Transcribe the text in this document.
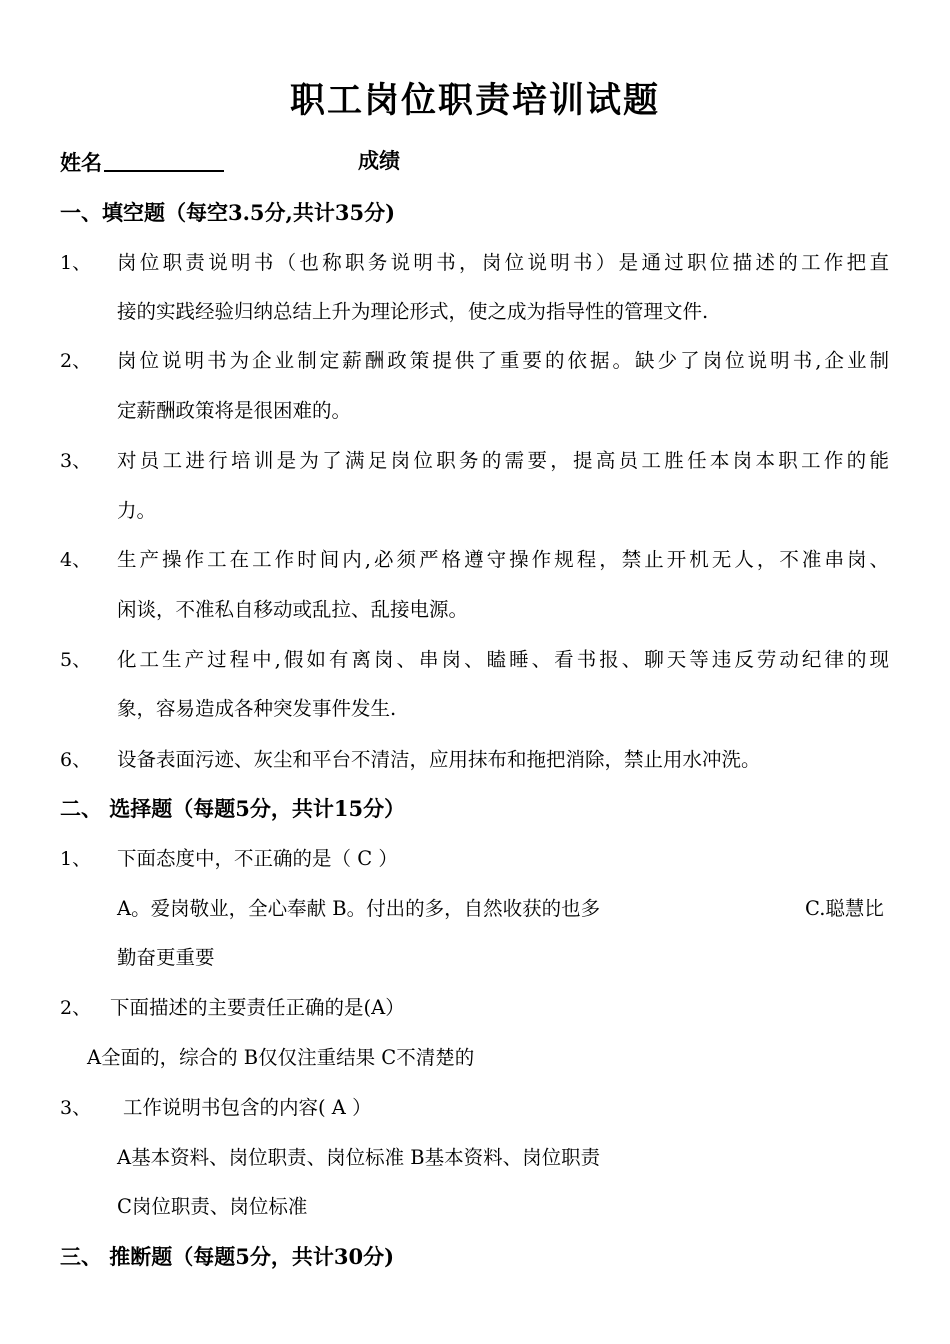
职工岗位职责培训试题
姓名	成绩
一、填空题（每空3.5分,共计35分)
1、 岗位职责说明书（也称职务说明书，岗位说明书）是通过职位描述的工作把直
接的实践经验归纳总结上升为理论形式，使之成为指导性的管理文件.
2、 岗位说明书为企业制定薪酬政策提供了重要的依据。缺少了岗位说明书,企业制
定薪酬政策将是很困难的。
3、 对员工进行培训是为了满足岗位职务的需要，提高员工胜任本岗本职工作的能
力。
4、 生产操作工在工作时间内,必须严格遵守操作规程，禁止开机无人，不准串岗、
闲谈，不准私自移动或乱拉、乱接电源。
5、 化工生产过程中,假如有离岗、串岗、瞌睡、看书报、聊天等违反劳动纪律的现
象，容易造成各种突发事件发生.
6、 设备表面污迹、灰尘和平台不清洁，应用抹布和拖把消除，禁止用水冲洗。
二、 选择题（每题5分，共计15分）
1、 下面态度中，不正确的是（ C ）
A。爱岗敬业，全心奉献 B。付出的多，自然收获的也多	C.聪慧比
勤奋更重要
2、 下面描述的主要责任正确的是(A）
A全面的，综合的 B仅仅注重结果 C不清楚的
3、 工作说明书包含的内容( A ）
A基本资料、岗位职责、岗位标准 B基本资料、岗位职责
C岗位职责、岗位标准
三、 推断题（每题5分，共计30分)
